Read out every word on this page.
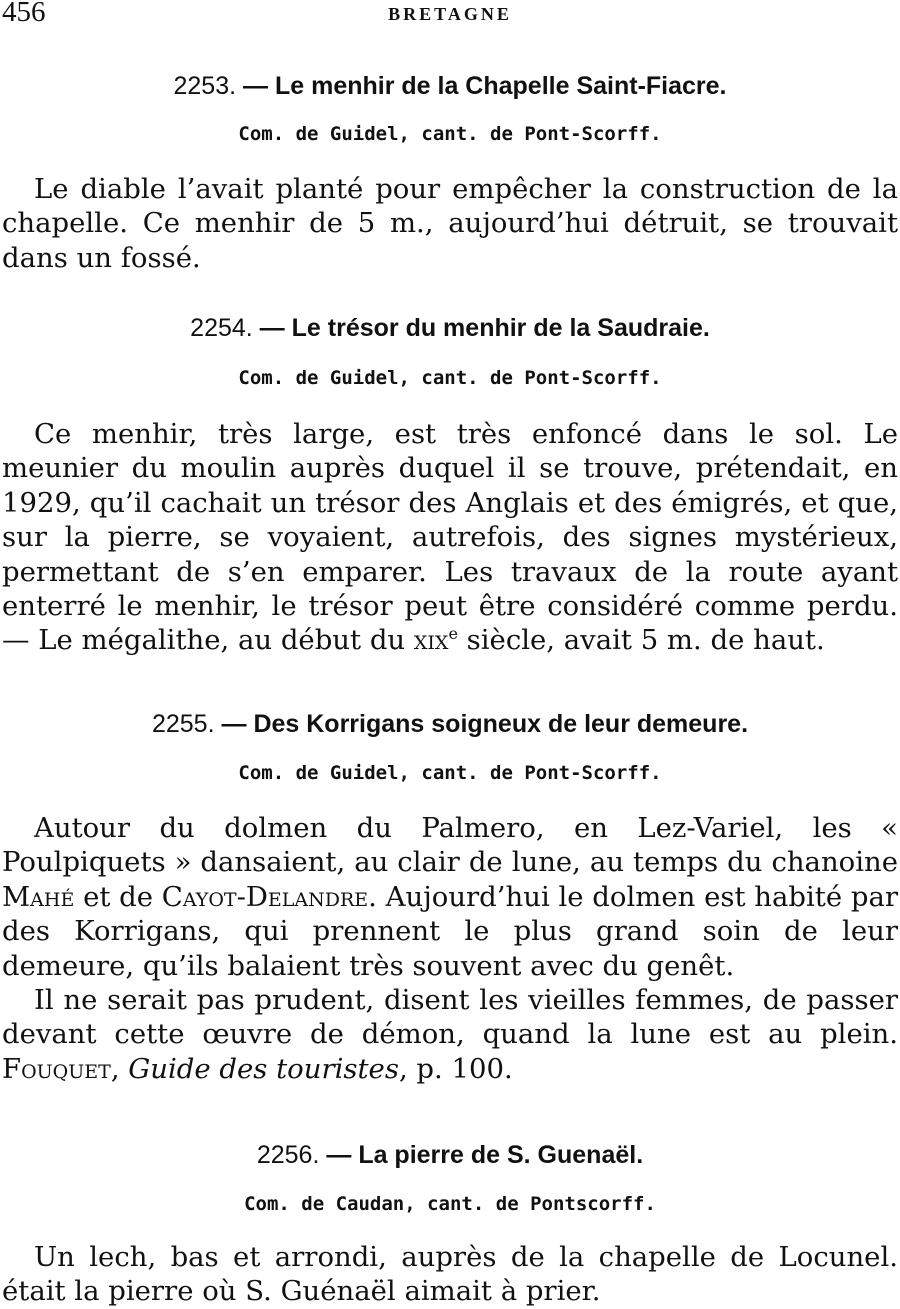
456	BRETAGNE
2253. — Le menhir de la Chapelle Saint-Fiacre.
Com. de Guidel, cant. de Pont-Scorff.

Le diable l’avait planté pour empêcher la construction de la chapelle. Ce menhir de 5 m., aujourd’hui détruit, se trouvait dans un fossé.

2254. — Le trésor du menhir de la Saudraie.
Com. de Guidel, cant. de Pont-Scorff.

Ce menhir, très large, est très enfoncé dans le sol. Le meunier du moulin auprès duquel il se trouve, prétendait, en 1929, qu’il cachait un trésor des Anglais et des émigrés, et que, sur la pierre, se voyaient, autrefois, des signes mystérieux, permettant de s’en emparer. Les travaux de la route ayant enterré le menhir, le trésor peut être considéré comme perdu. — Le mégalithe, au début du xix$^e$ siècle, avait 5 m. de haut.

2255. — Des Korrigans soigneux de leur demeure.
Com. de Guidel, cant. de Pont-Scorff.

Autour du dolmen du Palmero, en Lez-Variel, les « Poulpiquets » dansaient, au clair de lune, au temps du chanoine Mahé et de Cayot-Delandre. Aujourd’hui le dolmen est habité par des Korrigans, qui prennent le plus grand soin de leur demeure, qu’ils balaient très souvent avec du genêt.

Il ne serait pas prudent, disent les vieilles femmes, de passer devant cette œuvre de démon, quand la lune est au plein. Fouquet, Guide des touristes, p. 100.

2256. — La pierre de S. Guenaël.
Com. de Caudan, cant. de Pontscorff.

Un lech, bas et arrondi, auprès de la chapelle de Locunel. était la pierre où S. Guénaël aimait à prier.
